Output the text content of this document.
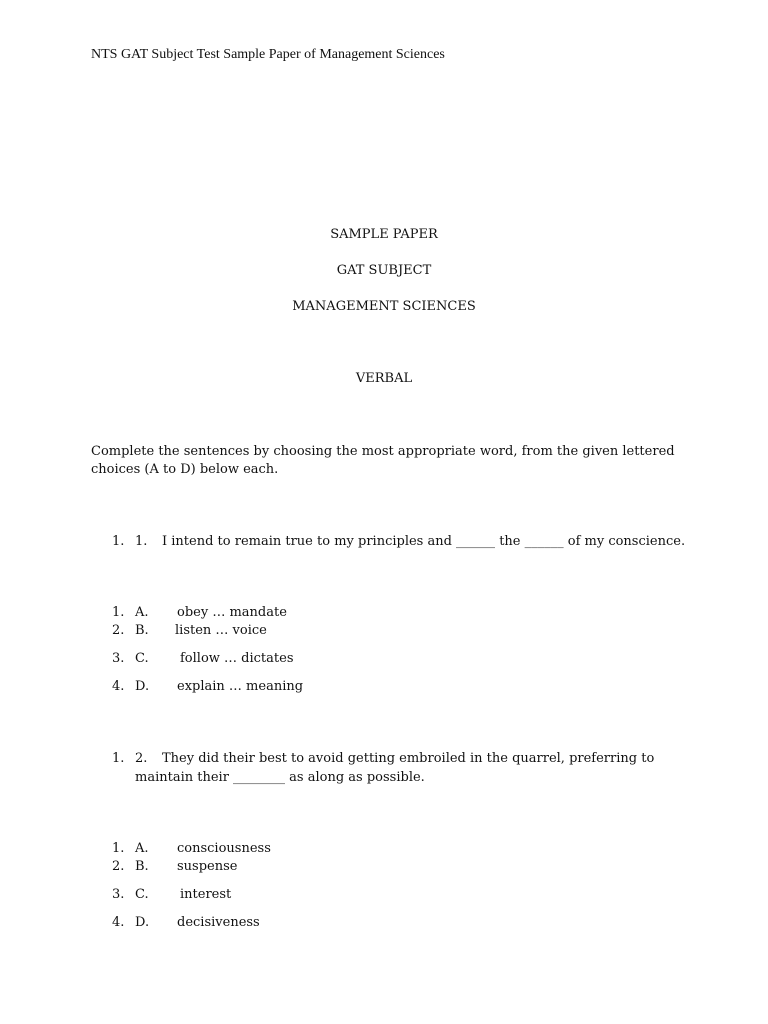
NTS GAT Subject Test Sample Paper of Management Sciences
SAMPLE PAPER
GAT SUBJECT
MANAGEMENT SCIENCES
VERBAL
Complete the sentences by choosing the most appropriate word, from the given lettered choices (A to D) below each.
1. 1. I intend to remain true to my principles and ______ the ______ of my conscience.
1. A. obey … mandate
2. B. listen … voice
3. C. follow … dictates
4. D. explain … meaning
1. 2. They did their best to avoid getting embroiled in the quarrel, preferring to
maintain their ________ as along as possible.
1. A. consciousness
2. B. suspense
3. C. interest
4. D. decisiveness
